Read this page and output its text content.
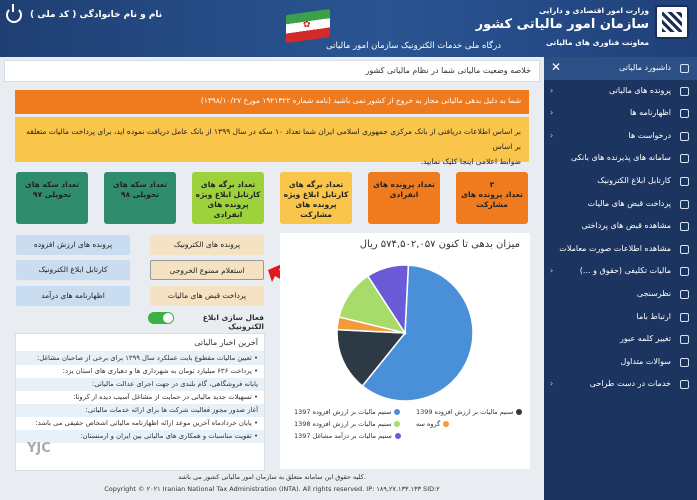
وزارت امور اقتصادی و دارایی
سازمان امور مالیاتی کشور
معاونت فناوری های مالیاتی
✿
درگاه ملی خدمات الکترونیک سازمان امور مالیاتی
نام و نام خانوادگی ( کد ملی )
خلاصه وضعیت مالیاتی شما در نظام مالیاتی کشور
شما به دلیل بدهی مالیاتی مجاز به خروج از کشور نمی باشید (نامه شماره ۱۹۲۱۳۲۲ مورخ ۱۳۹۸/۱۰/۲۷)
بر اساس اطلاعات دریافتی از بانک مرکزی جمهوری اسلامی ایران شما تعداد ۱۰ سکه در سال ۱۳۹۹ از بانک عامل دریافت نموده اید، برای پرداخت مالیات متعلقه بر اساس
ضوابط اعلامی اینجا کلیک نمایید.
۲
تعداد پرونده های
مشارکت
تعداد پرونده های
انفرادی
تعداد برگه های
کارتابل ابلاغ ویژه
پرونده های مشارکت
تعداد برگه های
کارتابل ابلاغ ویژه
پرونده های انفرادی
تعداد سکه های
تحویلی ۹۸
تعداد سکه های
تحویلی ۹۷
پرونده های الکترونیک
استعلام ممنوع الخروجی
پرداخت قبض های مالیات
پرونده های ارزش افزوده
کارتابل ابلاغ الکترونیک
اظهارنامه های درآمد
فعال سازی ابلاغ الکترونیک
آخرین اخبار مالیاتی
• تعیین مالیات مقطوع بابت عملکرد سال ۱۳۹۹ برای برخی از صاحبان مشاغل:
• پرداخت ۶۳۶ میلیارد تومان به شهرداری ها و دهیاری های استان یزد:
پایانه فروشگاهی، گام بلندی در جهت اجرای عدالت مالیاتی:
• تسهیلات جدید مالیاتی در حمایت از مشاغل آسیب دیده از کرونا:
آغاز صدور مجوز فعالیت شرکت ها برای ارائه خدمات مالیاتی:
• پایان خردادماه آخرین موعد ارائه اظهارنامه مالیاتی اشخاص حقیقی می باشد:
• تقویت مناسبات و همکاری های مالیاتی بین ایران و ارمنستان:
میزان بدهی تا کنون ۵۷۴,۵۰۲,۰۵۷ ریال
سنیم مالیات بر ارزش افزوده 1397	سنیم مالیات بر ارزش افزوده 1399
گروه سه
سنیم مالیات بر ارزش افزوده 1398
سنیم مالیات بر درآمد مشاغل 1397
کلیه حقوق این سامانه متعلق به سازمان امور مالیاتی کشور می باشد.
Copyright © ۲۰۲۱ Iranian National Tax Administration (INTA). All rights reserved. IP: ۱۸۹,۲۷.۱۳۳.۱۳۳ SID:۲
YJC
داشبورد مالیاتی
✕
پرونده های مالیاتی
‹
اظهارنامه ها
‹
درخواست ها
‹
سامانه های پذیرنده های بانکی
کارتابل ابلاغ الکترونیک
پرداخت قبض های مالیات
مشاهده قبض های پرداختی
مشاهده اطلاعات صورت معاملات
مالیات تکلیفی (حقوق و ...)
‹
نظرسنجی
ارتباط باما
تغییر کلمه عبور
سوالات متداول
خدمات در دست طراحی
‹
